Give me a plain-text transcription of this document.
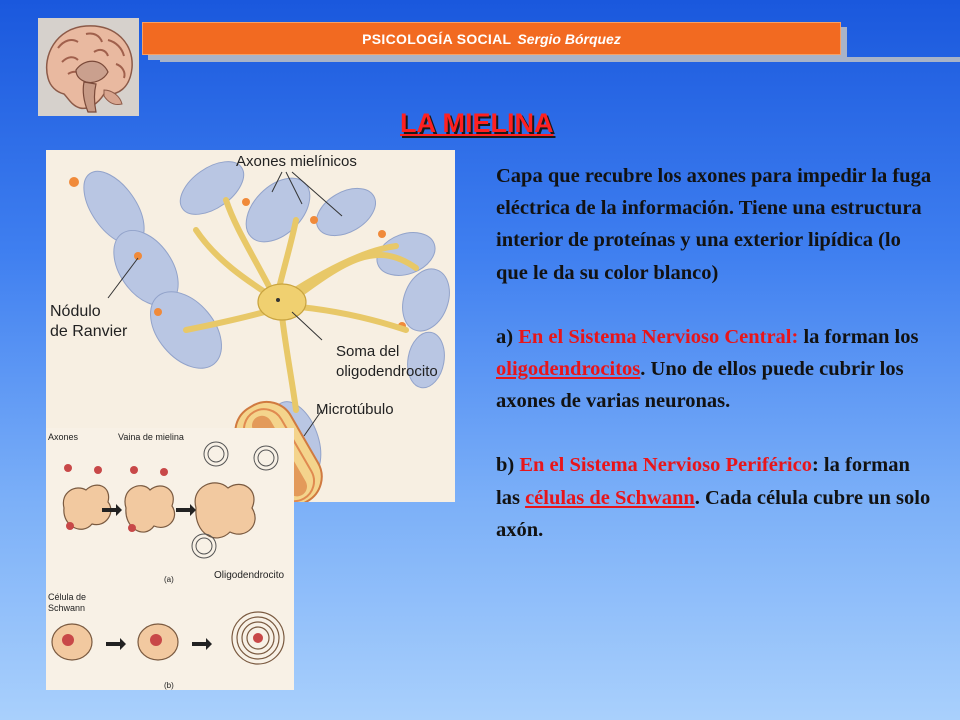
PSICOLOGÍA SOCIAL Sergio Bórquez
LA MIELINA
Axones mielínicos
Nódulo
de Ranvier
Soma del
oligodendrocito
Microtúbulo
Axones	Vaina de mielina
Oligodendrocito
(a)
Célula de
Schwann
(b)

Capa que recubre los axones para impedir la fuga eléctrica de la información. Tiene una estructura interior de proteínas y una exterior lipídica (lo que le da su color blanco)

a) En el Sistema Nervioso Central: la forman los oligodendrocitos. Uno de ellos puede cubrir los axones de varias neuronas.

b) En el Sistema Nervioso Periférico: la forman las células de Schwann. Cada célula cubre un solo axón.
